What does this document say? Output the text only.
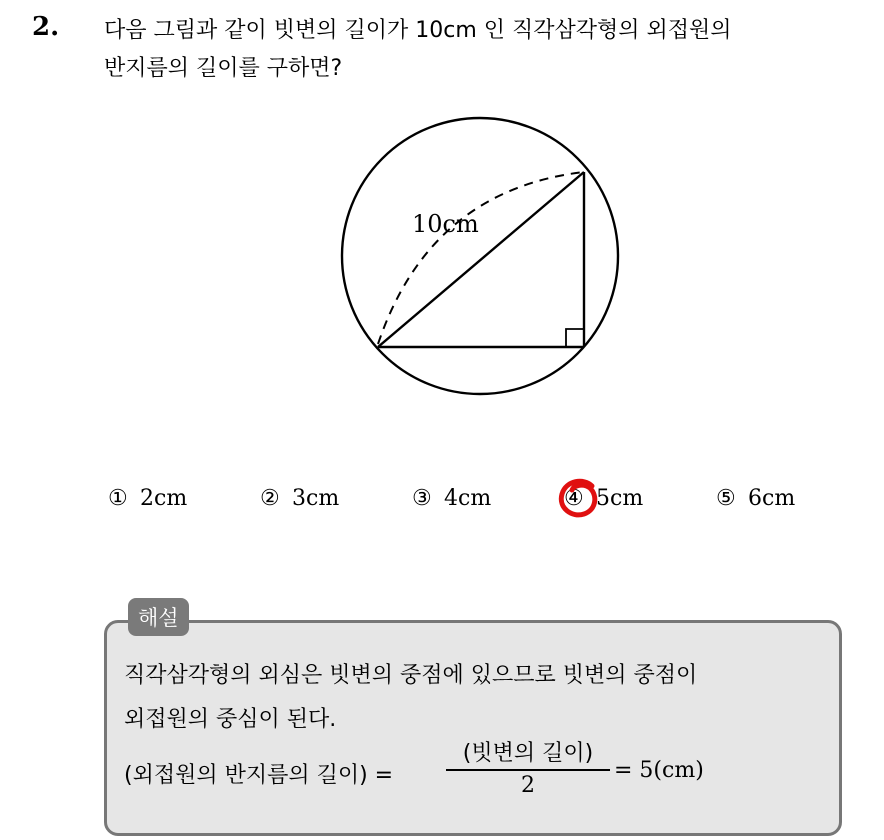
2. 다음 그림과 같이 빗변의 길이가 10cm 인 직각삼각형의 외접원의
반지름의 길이를 구하면?
10cm
① 2cm	② 3cm	③ 4cm	④ 5cm	⑤ 6cm
해설
직각삼각형의 외심은 빗변의 중점에 있으므로 빗변의 중점이
외접원의 중심이 된다.
(외접원의 반지름의 길이) =
(빗변의 길이)
2
= 5(cm)
